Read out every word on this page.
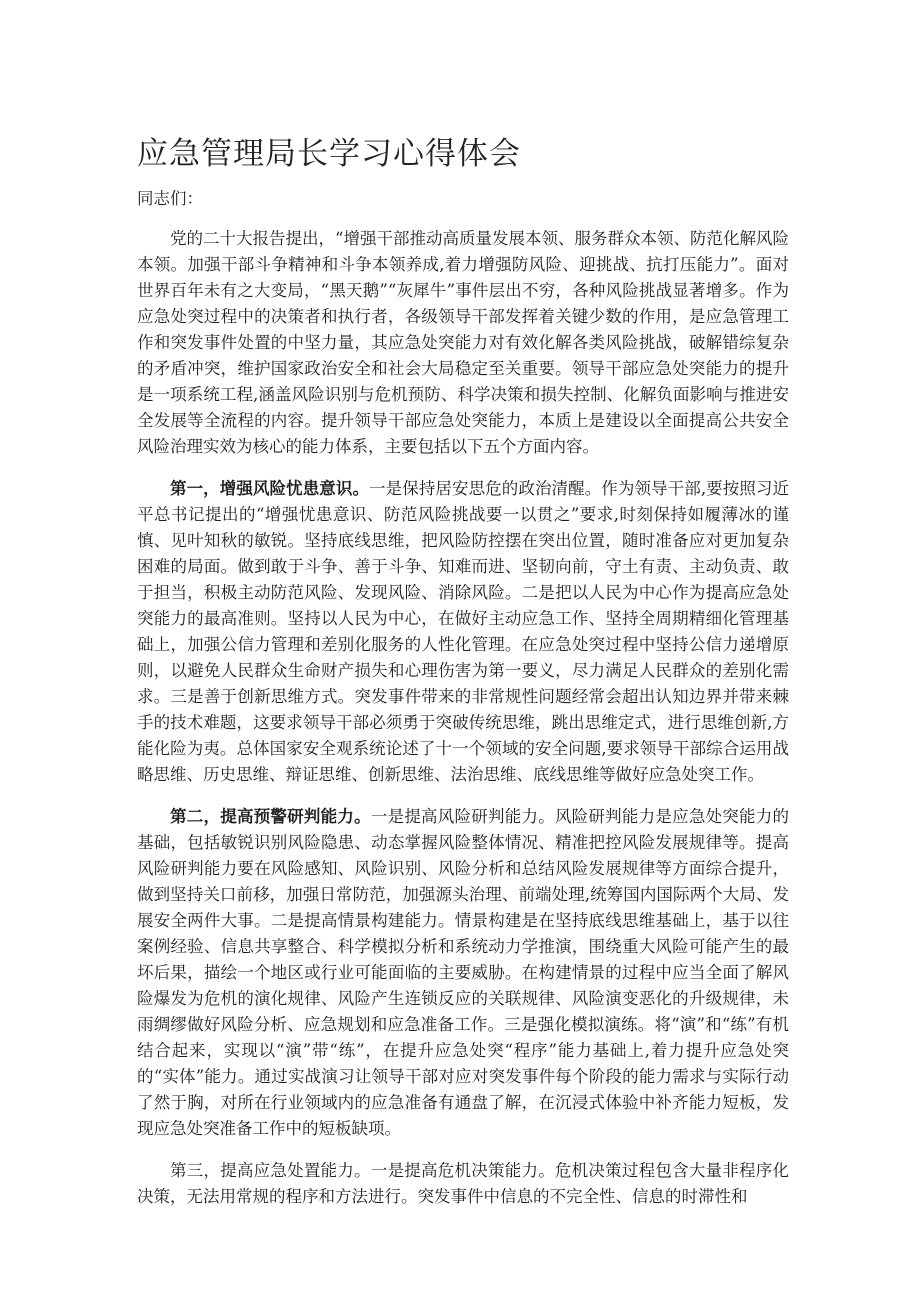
应急管理局长学习心得体会

同志们：

党的二十大报告提出，“增强干部推动高质量发展本领、服务群众本领、防范化解风险本领。加强干部斗争精神和斗争本领养成,着力增强防风险、迎挑战、抗打压能力”。面对世界百年未有之大变局，“黑天鹅”“灰犀牛”事件层出不穷，各种风险挑战显著增多。作为应急处突过程中的决策者和执行者，各级领导干部发挥着关键少数的作用，是应急管理工作和突发事件处置的中坚力量，其应急处突能力对有效化解各类风险挑战，破解错综复杂的矛盾冲突，维护国家政治安全和社会大局稳定至关重要。领导干部应急处突能力的提升是一项系统工程,涵盖风险识别与危机预防、科学决策和损失控制、化解负面影响与推进安全发展等全流程的内容。提升领导干部应急处突能力，本质上是建设以全面提高公共安全风险治理实效为核心的能力体系，主要包括以下五个方面内容。

第一，增强风险忧患意识。一是保持居安思危的政治清醒。作为领导干部,要按照习近平总书记提出的“增强忧患意识、防范风险挑战要一以贯之”要求,时刻保持如履薄冰的谨慎、见叶知秋的敏锐。坚持底线思维，把风险防控摆在突出位置，随时准备应对更加复杂困难的局面。做到敢于斗争、善于斗争、知难而进、坚韧向前，守土有责、主动负责、敢于担当，积极主动防范风险、发现风险、消除风险。二是把以人民为中心作为提高应急处突能力的最高准则。坚持以人民为中心，在做好主动应急工作、坚持全周期精细化管理基础上，加强公信力管理和差别化服务的人性化管理。在应急处突过程中坚持公信力递增原则，以避免人民群众生命财产损失和心理伤害为第一要义，尽力满足人民群众的差别化需求。三是善于创新思维方式。突发事件带来的非常规性问题经常会超出认知边界并带来棘手的技术难题，这要求领导干部必须勇于突破传统思维，跳出思维定式，进行思维创新,方能化险为夷。总体国家安全观系统论述了十一个领域的安全问题,要求领导干部综合运用战略思维、历史思维、辩证思维、创新思维、法治思维、底线思维等做好应急处突工作。

第二，提高预警研判能力。一是提高风险研判能力。风险研判能力是应急处突能力的基础，包括敏锐识别风险隐患、动态掌握风险整体情况、精准把控风险发展规律等。提高风险研判能力要在风险感知、风险识别、风险分析和总结风险发展规律等方面综合提升，做到坚持关口前移，加强日常防范，加强源头治理、前端处理,统筹国内国际两个大局、发展安全两件大事。二是提高情景构建能力。情景构建是在坚持底线思维基础上，基于以往案例经验、信息共享整合、科学模拟分析和系统动力学推演，围绕重大风险可能产生的最坏后果，描绘一个地区或行业可能面临的主要威胁。在构建情景的过程中应当全面了解风险爆发为危机的演化规律、风险产生连锁反应的关联规律、风险演变恶化的升级规律，未雨绸缪做好风险分析、应急规划和应急准备工作。三是强化模拟演练。将“演”和“练”有机结合起来，实现以“演”带“练”，在提升应急处突“程序”能力基础上,着力提升应急处突的“实体”能力。通过实战演习让领导干部对应对突发事件每个阶段的能力需求与实际行动了然于胸，对所在行业领域内的应急准备有通盘了解，在沉浸式体验中补齐能力短板，发现应急处突准备工作中的短板缺项。

第三，提高应急处置能力。一是提高危机决策能力。危机决策过程包含大量非程序化决策，无法用常规的程序和方法进行。突发事件中信息的不完全性、信息的时滞性和
